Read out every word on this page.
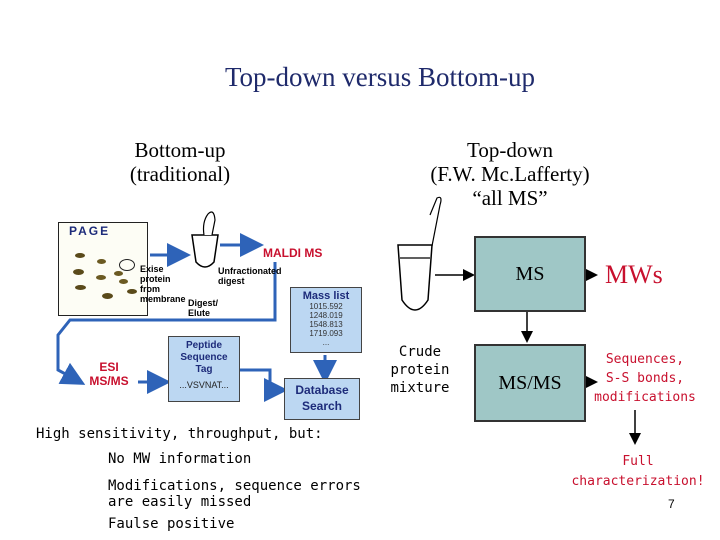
Top-down versus Bottom-up
Bottom-up
(traditional)
Top-down
(F.W. Mc.Lafferty)
“all MS”
PAGE
Exise protein from membrane
Unfractionated digest
Digest/ Elute
MALDI MS
Mass list
1015.592
1248.019
1548.813
1719.093
...
ESI
MS/MS
Peptide
Sequence
Tag
...VSVNAT...	Database
Search
High sensitivity, throughput, but:
No MW information
Modifications, sequence errors
are easily missed
Faulse positive
MS
MS/MS
MWs
Crude
protein
mixture
Sequences,
S-S bonds,
modifications
Full
characterization!
7
